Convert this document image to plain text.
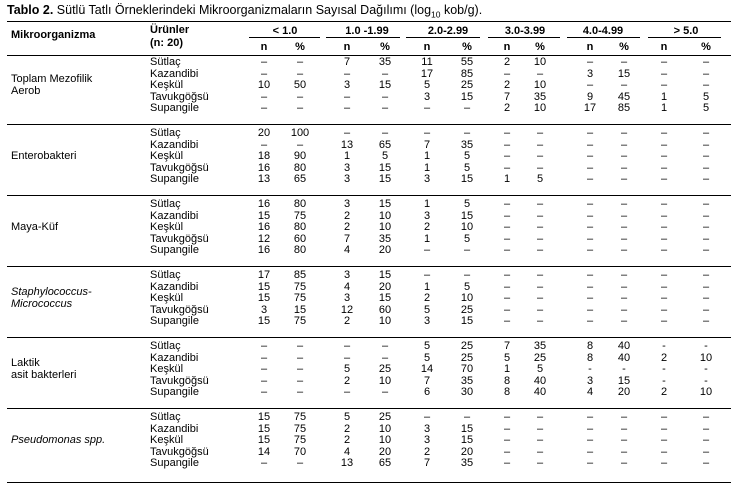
Tablo 2. Sütlü Tatlı Örneklerindeki Mikroorganizmaların Sayısal Dağılımı ($\log_{10}$ kob/g).
Mikroorganizma	Ürünler
(n: 20)
< 1.0	1.0 -1.99	2.0-2.99	3.0-3.99	4.0-4.99	> 5.0
n	%	n	%	n	%	n %	n %	n	%
Toplam Mezofilik
Aerob
Sütlaç	–	–	7	35	11	55	2 10	–	–	–	–
Kazandibi	–	–	–	–	17	85	– –	3 15	–	–
Keşkül	10 50	3	15	5	25	2 10	–	–	–	–
Tavukgöğsü	–	–	–	–	3	15	7 35	9 45	1	5
Supangile	–	–	–	–	–	–	2 10	17 85	1	5
Enterobakteri
Sütlaç	20 100	–	–	–	–	– –	–	–	–	–
Kazandibi	–	–	13 65	7	35	– –	–	–	–	–
Keşkül	18 90	1	5	1	5	– –	–	–	–	–
Tavukgöğsü	16 80	3	15	1	5	– –	–	–	–	–
Supangile	13 65	3	15	3	15	1 5	–	–	–	–
Maya-Küf
Sütlaç	16 80	3	15	1	5	– –	–	–	–	–
Kazandibi	15 75	2	10	3	15	– –	–	–	–	–
Keşkül	16 80	2	10	2	10	– –	–	–	–	–
Tavukgöğsü	12 60	7	35	1	5	– –	–	–	–	–
Supangile	16 80	4	20	–	–	– –	–	–	–	–
Staphylococcus-
Micrococcus
Sütlaç	17 85	3	15	–	–	– –	–	–	–	–
Kazandibi	15 75	4	20	1	5	– –	–	–	–	–
Keşkül	15 75	3	15	2	10	– –	–	–	–	–
Tavukgöğsü	3 15	12 60	5	25	– –	–	–	–	–
Supangile	15 75	2	10	3	15	– –	–	–	–	–
Laktik
asit bakterleri
Sütlaç	–	–	–	–	5	25	7 35	8 40	-	-
Kazandibi	–	–	–	–	5	25	5 25	8 40	2	10
Keşkül	–	–	5	25	14	70	1 5	-	-	-	-
Tavukgöğsü	–	–	2	10	7	35	8 40	3 15	-	-
Supangile	–	–	–	–	6	30	8 40	4 20	2	10
Pseudomonas spp.
Sütlaç	15 75	5	25	–	–	– –	–	–	–	–
Kazandibi	15 75	2	10	3	15	– –	–	–	–	–
Keşkül	15 75	2	10	3	15	– –	–	–	–	–
Tavukgöğsü	14 70	4	20	2	20	– –	–	–	–	–
Supangile	–	–	13 65	7	35	– –	–	–	–	–
